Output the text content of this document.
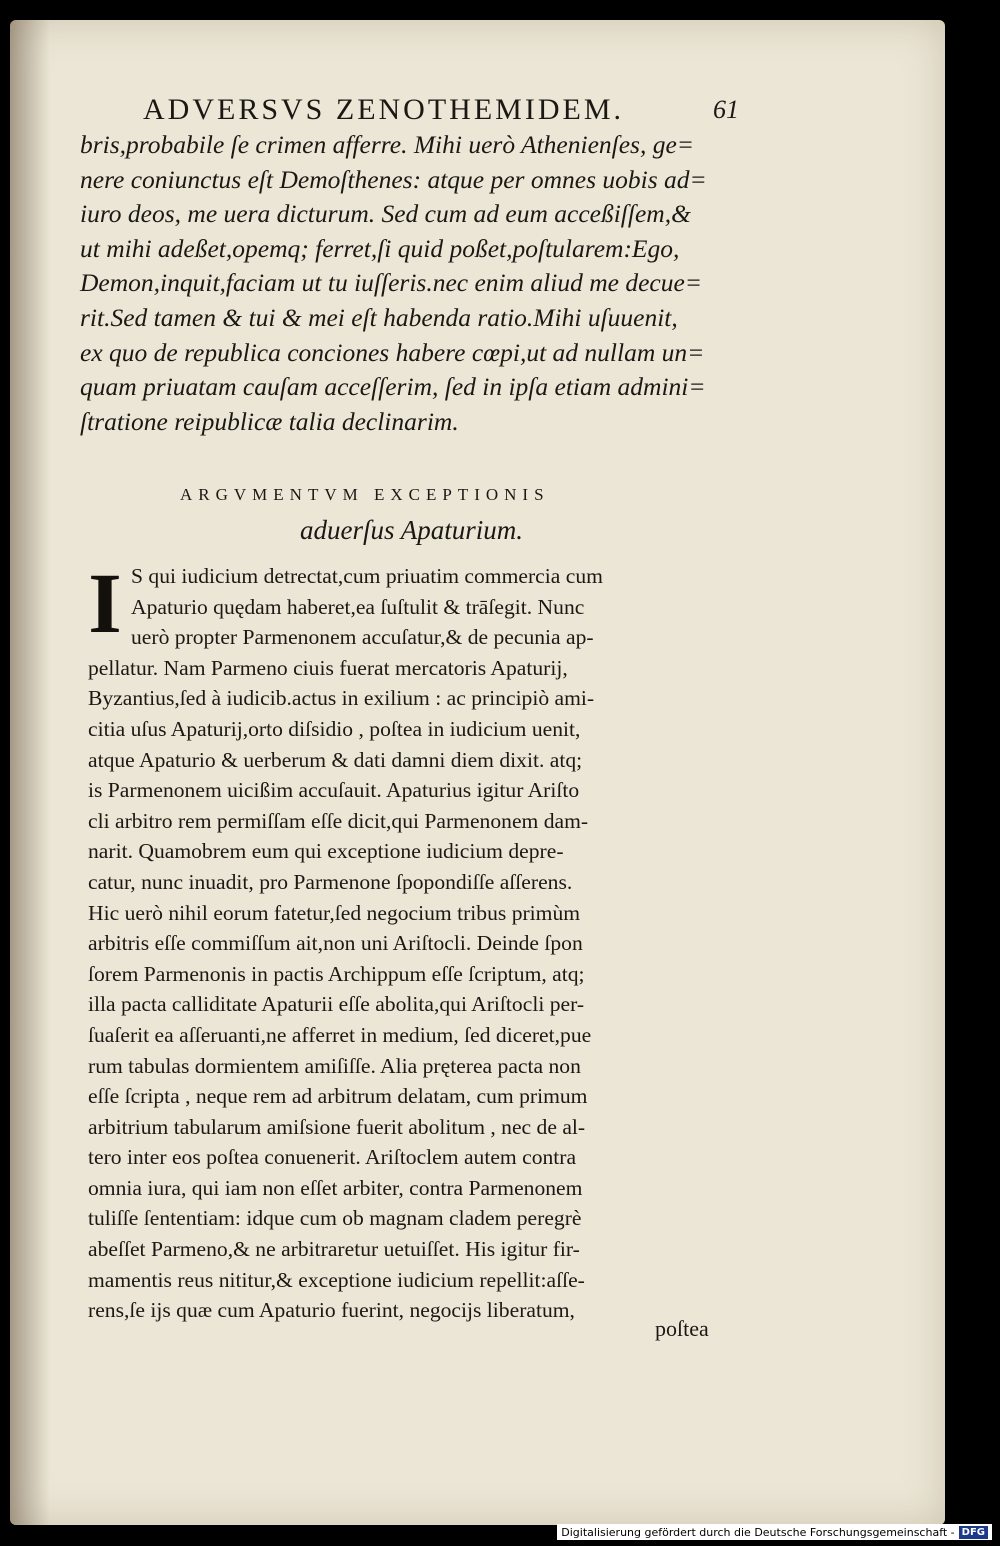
ADVERSVS ZENOTHEMIDEM.	61
bris,probabile ſe crimen afferre. Mihi uerò Athenienſes, ge=
nere coniunctus eſt Demoſthenes: atque per omnes uobis ad=
iuro deos, me uera dicturum. Sed cum ad eum acceßiſſem,&
ut mihi adeßet,opemq; ferret,ſi quid poßet,poſtularem:Ego,
Demon,inquit,faciam ut tu iuſſeris.nec enim aliud me decue=
rit.Sed tamen & tui & mei eſt habenda ratio.Mihi uſuuenit,
ex quo de republica conciones habere cœpi,ut ad nullam un=
quam priuatam cauſam acceſſerim, ſed in ipſa etiam admini=
ſtratione reipublicæ talia declinarim.
ARGVMENTVM EXCEPTIONIS
aduerſus Apaturium.
I S qui iudicium detrectat,cum priuatim commercia cum
Apaturio quędam haberet,ea ſuſtulit & trāſegit. Nunc
uerò propter Parmenonem accuſatur,& de pecunia ap-
pellatur. Nam Parmeno ciuis fuerat mercatoris Apaturij,
Byzantius,ſed à iudicib.actus in exilium : ac principiò ami-
citia uſus Apaturij,orto diſsidio , poſtea in iudicium uenit,
atque Apaturio & uerberum & dati damni diem dixit. atq;
is Parmenonem uicißim accuſauit. Apaturius igitur Ariſto
cli arbitro rem permiſſam eſſe dicit,qui Parmenonem dam-
narit. Quamobrem eum qui exceptione iudicium depre-
catur, nunc inuadit, pro Parmenone ſpopondiſſe aſſerens.
Hic uerò nihil eorum fatetur,ſed negocium tribus primùm
arbitris eſſe commiſſum ait,non uni Ariſtocli. Deinde ſpon
ſorem Parmenonis in pactis Archippum eſſe ſcriptum, atq;
illa pacta calliditate Apaturii eſſe abolita,qui Ariſtocli per-
ſuaſerit ea aſſeruanti,ne afferret in medium, ſed diceret,pue
rum tabulas dormientem amiſiſſe. Alia pręterea pacta non
eſſe ſcripta , neque rem ad arbitrum delatam, cum primum
arbitrium tabularum amiſsione fuerit abolitum , nec de al-
tero inter eos poſtea conuenerit. Ariſtoclem autem contra
omnia iura, qui iam non eſſet arbiter, contra Parmenonem
tuliſſe ſententiam: idque cum ob magnam cladem peregrè
abeſſet Parmeno,& ne arbitraretur uetuiſſet. His igitur fir-
mamentis reus nititur,& exceptione iudicium repellit:aſſe-
rens,ſe ijs quæ cum Apaturio fuerint, negocijs liberatum,
poſtea
Digitalisierung gefördert durch die Deutsche Forschungsgemeinschaft - DFG
